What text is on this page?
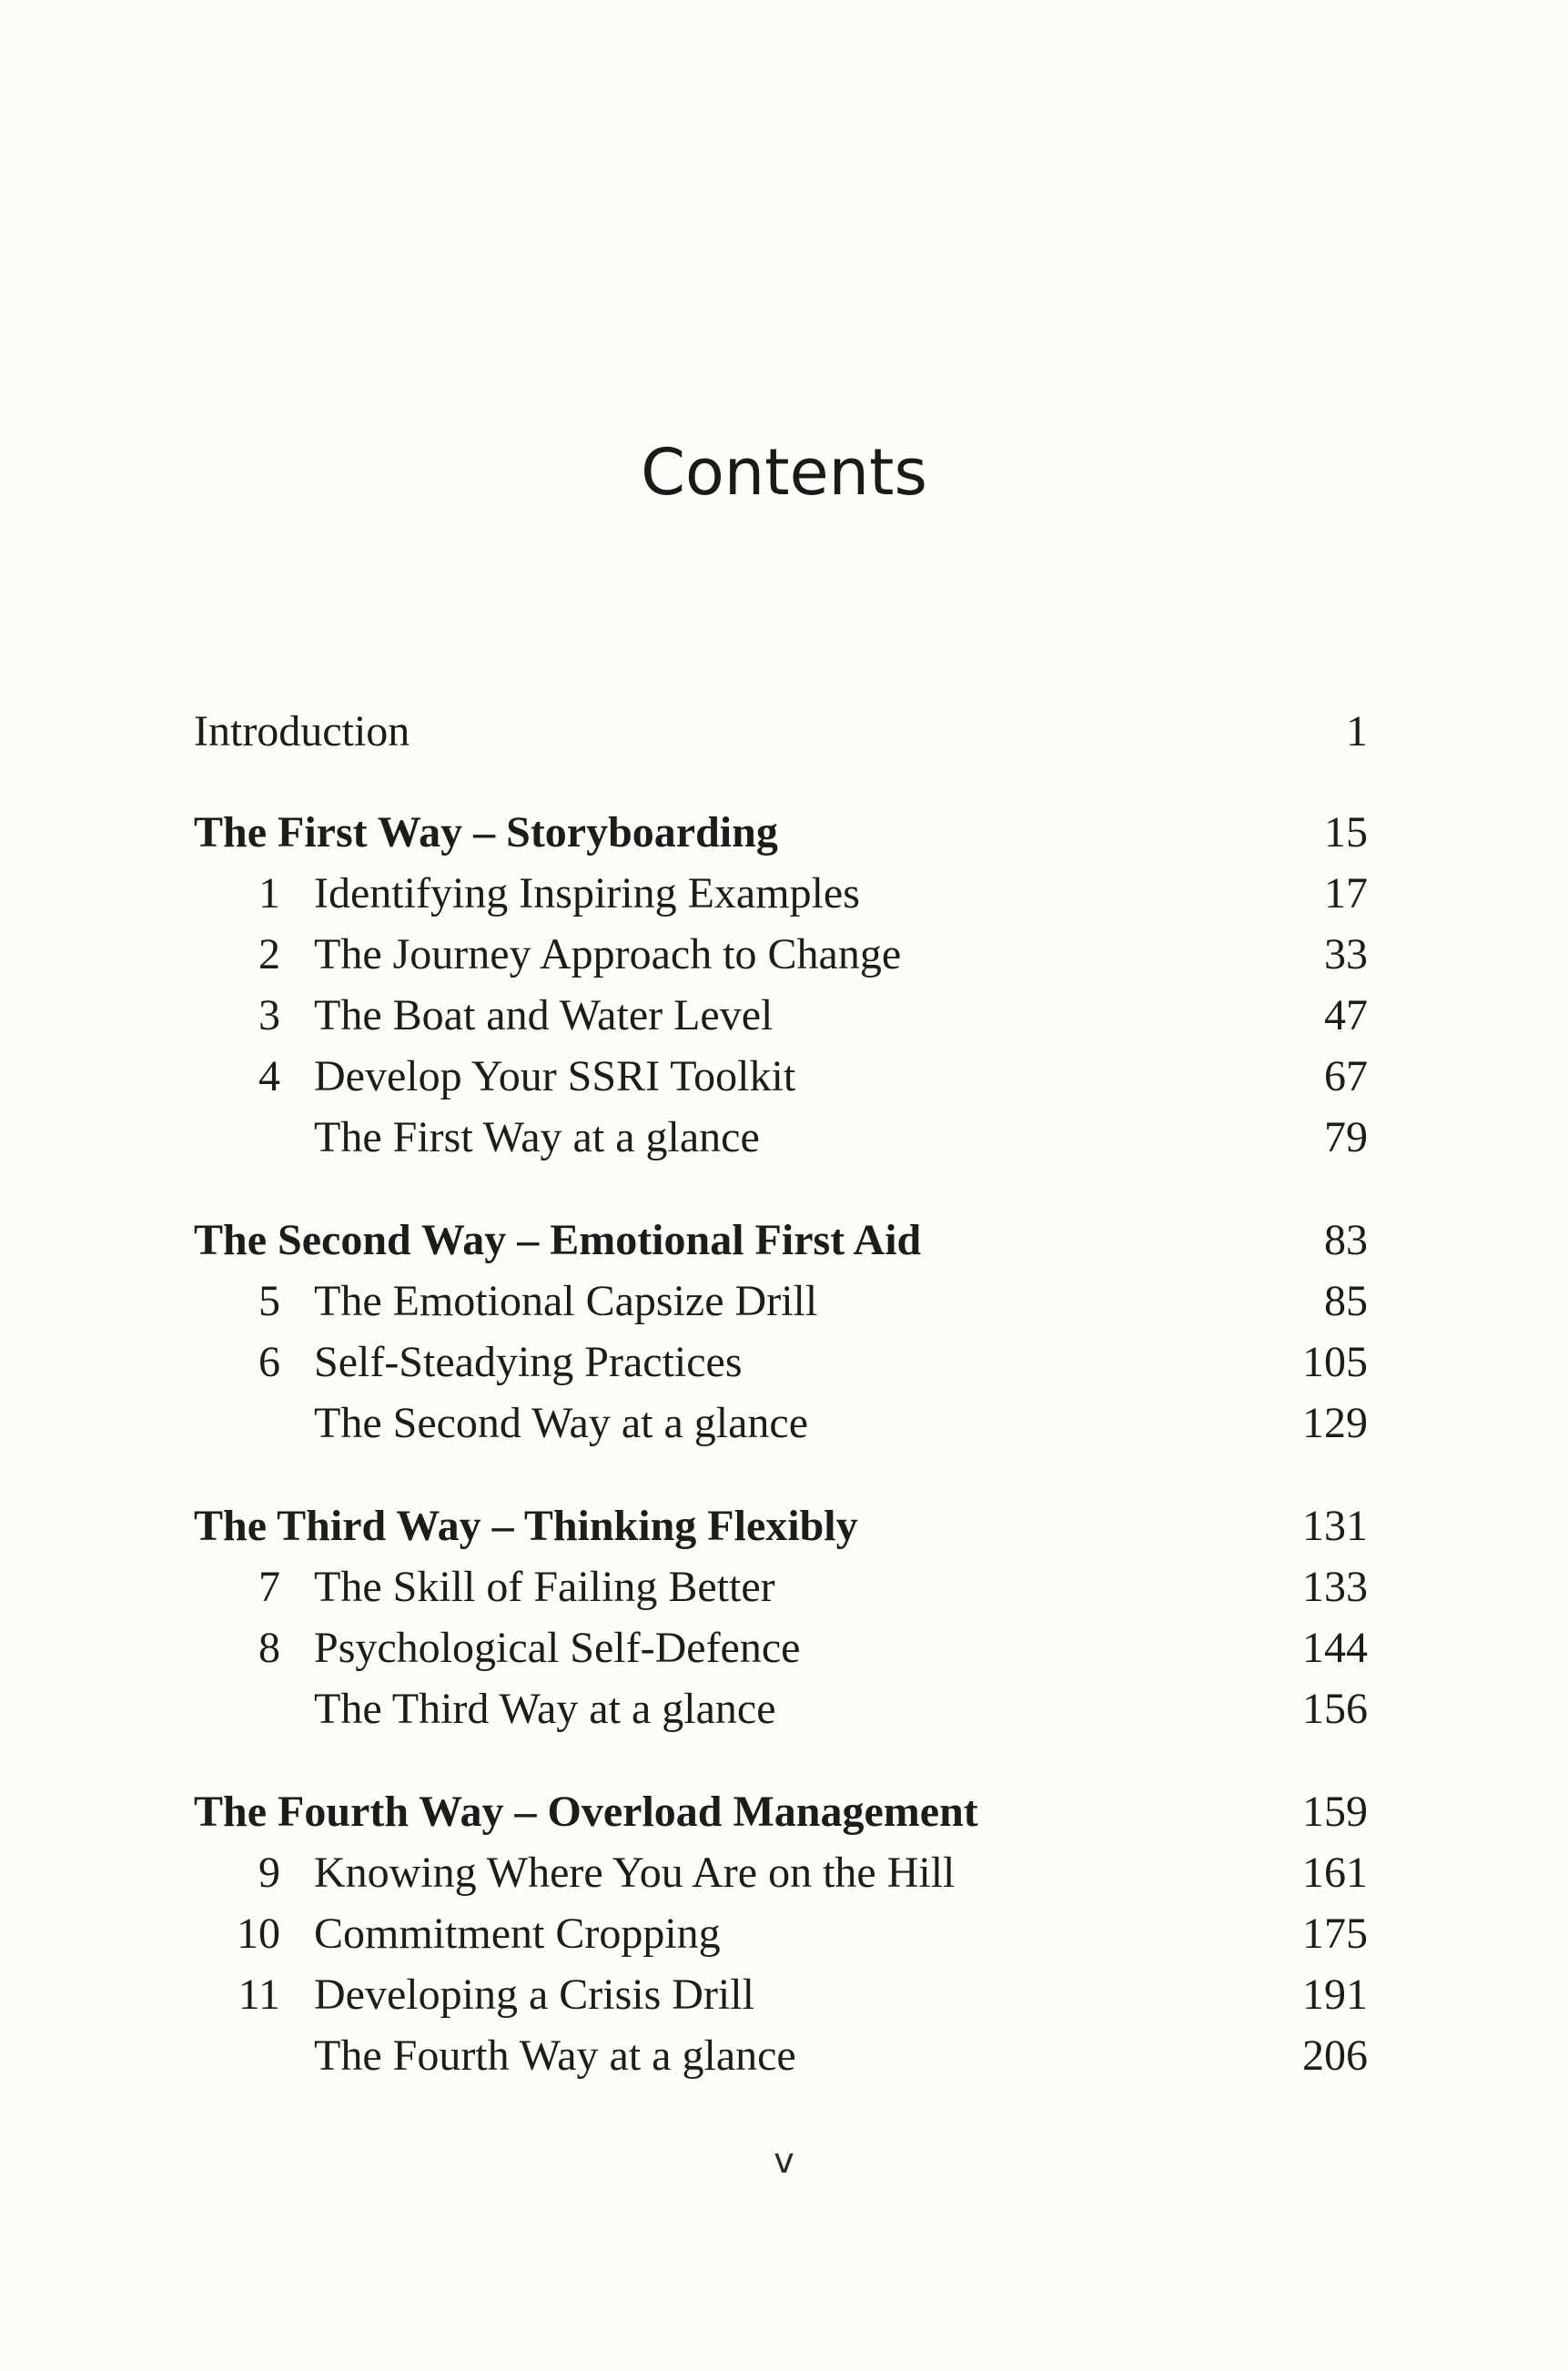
Contents
Introduction	1
The First Way – Storyboarding	15
1 Identifying Inspiring Examples	17
2 The Journey Approach to Change	33
3 The Boat and Water Level	47
4 Develop Your SSRI Toolkit	67
The First Way at a glance	79
The Second Way – Emotional First Aid	83
5 The Emotional Capsize Drill	85
6 Self-Steadying Practices	105
The Second Way at a glance	129
The Third Way – Thinking Flexibly	131
7 The Skill of Failing Better	133
8 Psychological Self-Defence	144
The Third Way at a glance	156
The Fourth Way – Overload Management	159
9 Knowing Where You Are on the Hill	161
10 Commitment Cropping	175
11 Developing a Crisis Drill	191
The Fourth Way at a glance	206
v
